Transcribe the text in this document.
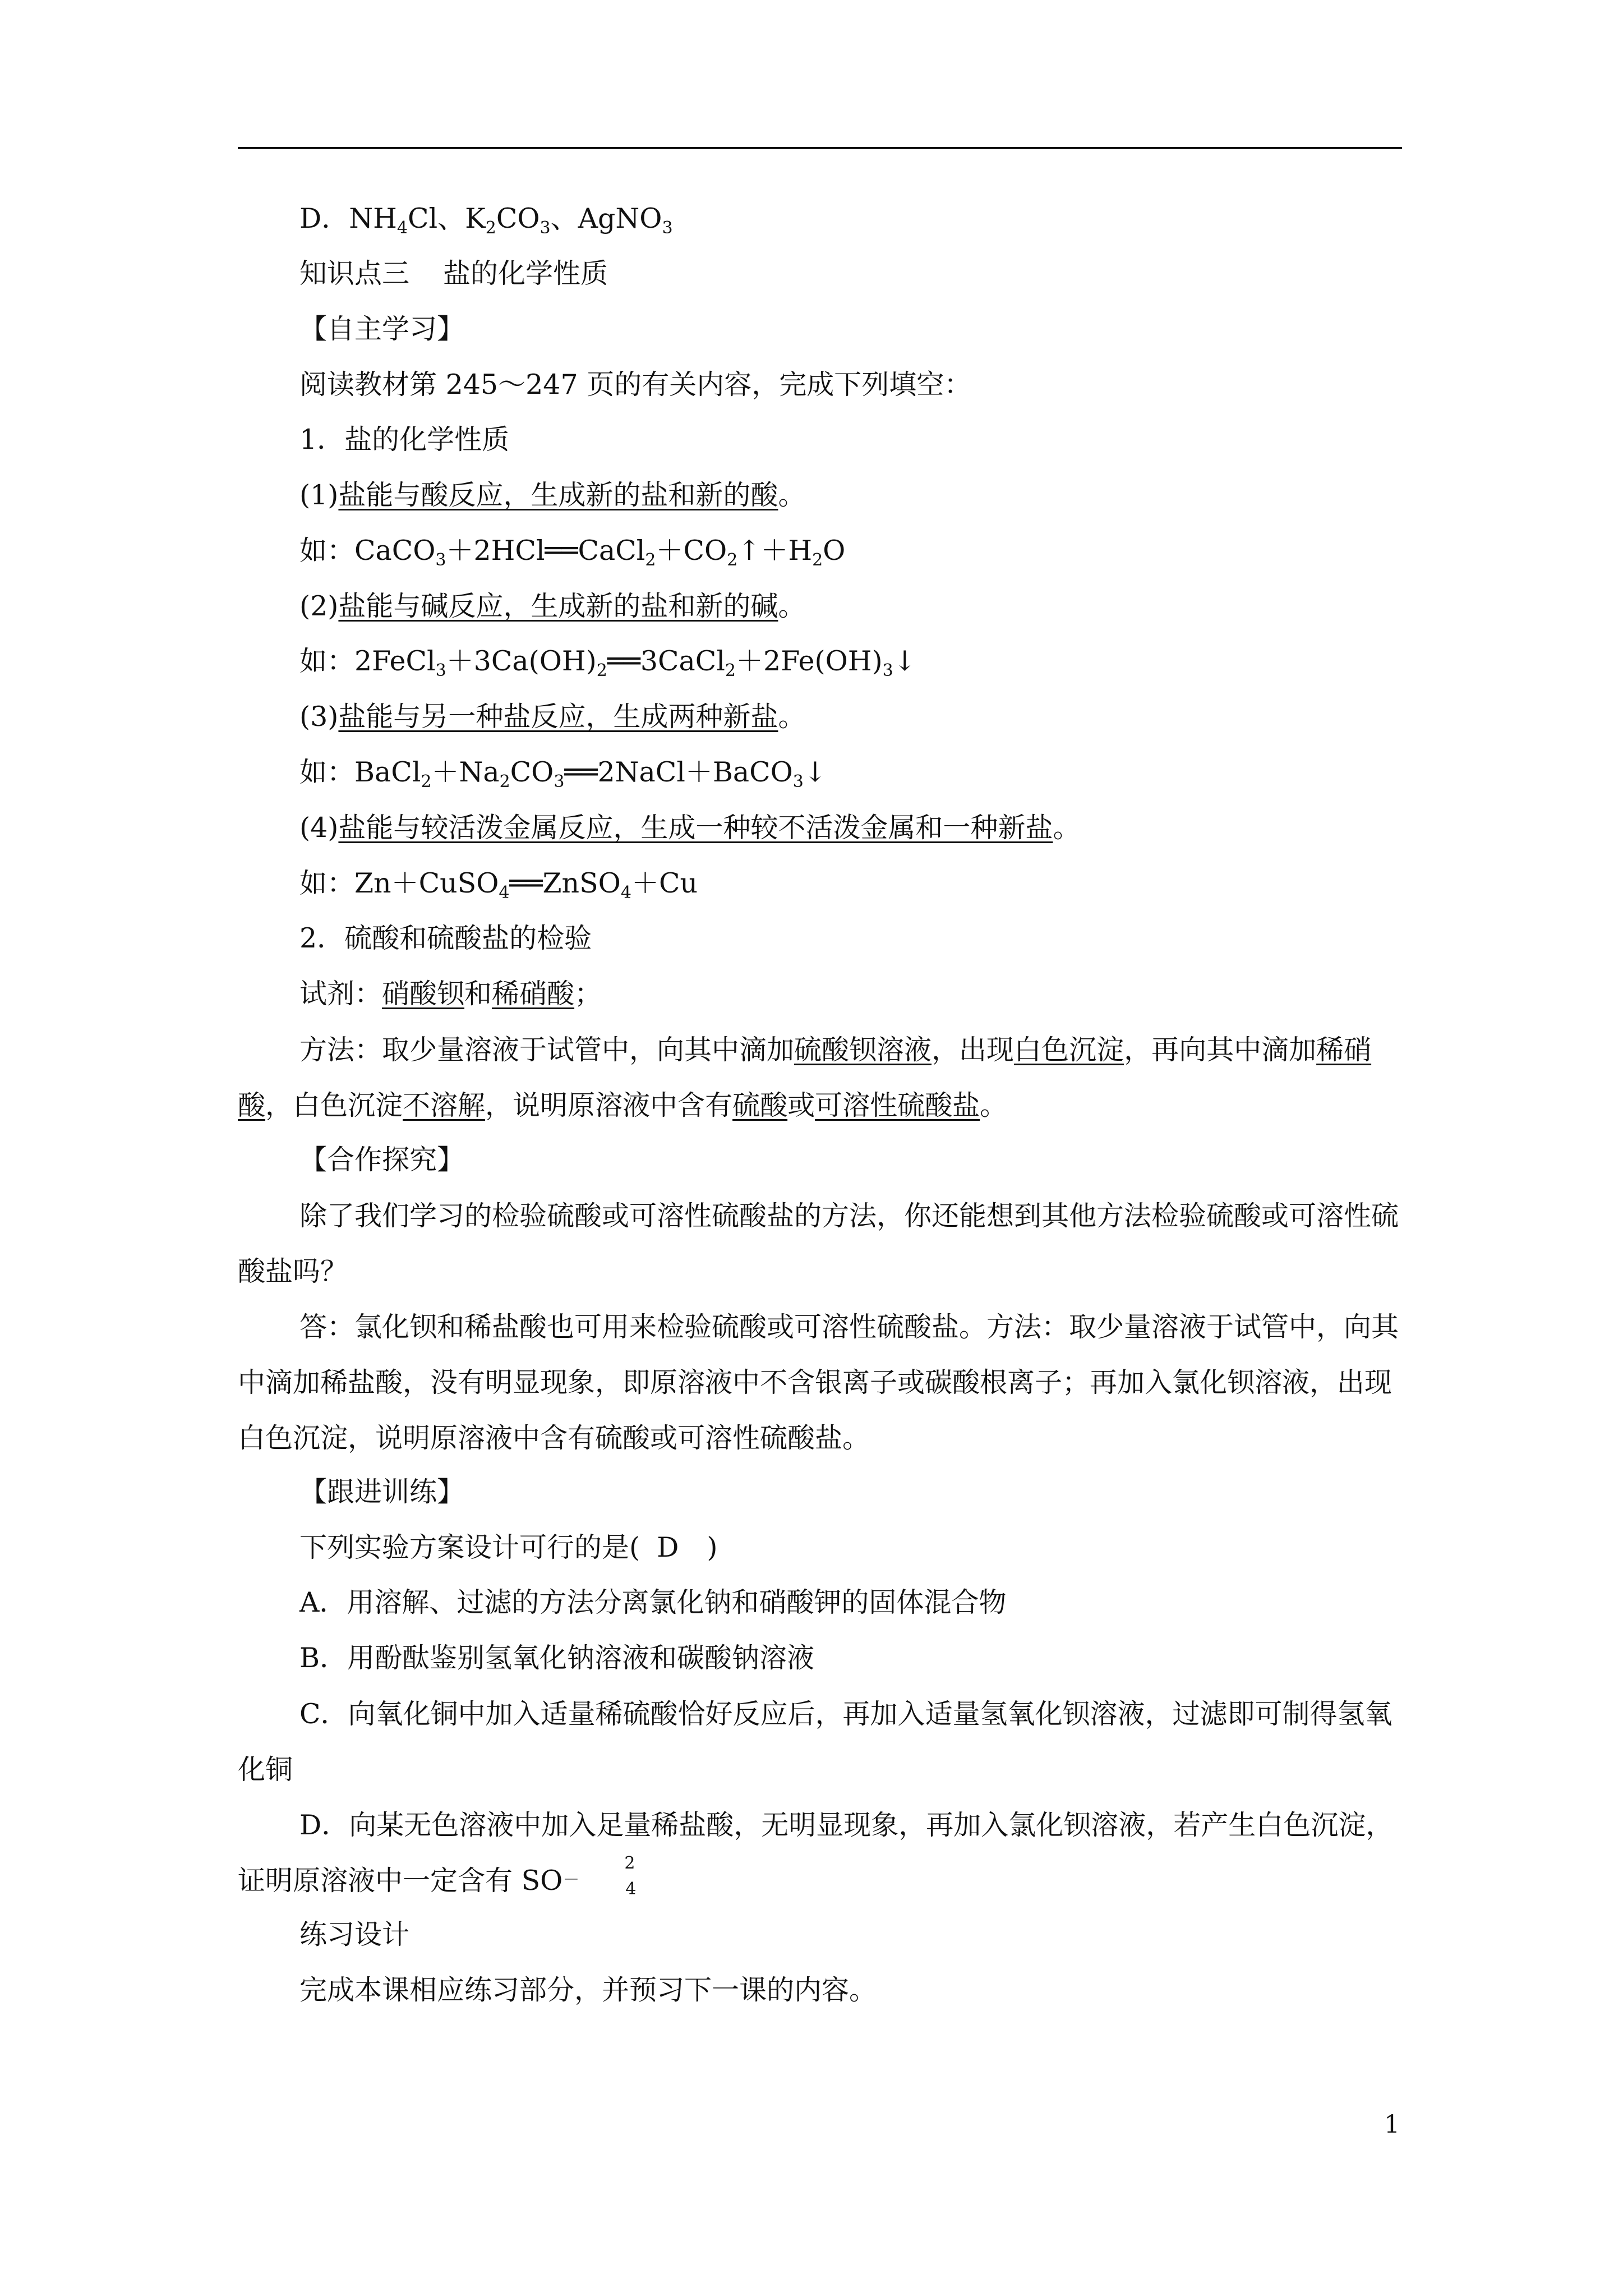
D．$NH_4Cl$、$K_2CO_3$、AgNO$_3$
知识点三 盐的化学性质
【自主学习】
阅读教材第 245～247 页的有关内容，完成下列填空：
1．盐的化学性质
(1)盐能与酸反应，生成新的盐和新的酸。
如：$CaCO_3+2HCl══CaCl_2+CO_2↑+H_2O$
(2)盐能与碱反应，生成新的盐和新的碱。
如：$2FeCl_3+3Ca(OH)_2══3CaCl_2+2Fe(OH)_3↓$
(3)盐能与另一种盐反应，生成两种新盐。
如：$BaCl_2+Na_2CO_3══2NaCl+BaCO_3↓$
(4)盐能与较活泼金属反应，生成一种较不活泼金属和一种新盐。
如：Zn＋CuSO$_4$══ZnSO$_4$＋Cu
2．硫酸和硫酸盐的检验
试剂：硝酸钡和稀硝酸；
方法：取少量溶液于试管中，向其中滴加硫酸钡溶液，出现白色沉淀，再向其中滴加稀硝酸，白色沉淀不溶解，说明原溶液中含有硫酸或可溶性硫酸盐。
【合作探究】
除了我们学习的检验硫酸或可溶性硫酸盐的方法，你还能想到其他方法检验硫酸或可溶性硫酸盐吗？
答：氯化钡和稀盐酸也可用来检验硫酸或可溶性硫酸盐。方法：取少量溶液于试管中，向其中滴加稀盐酸，没有明显现象，即原溶液中不含银离子或碳酸根离子；再加入氯化钡溶液，出现白色沉淀，说明原溶液中含有硫酸或可溶性硫酸盐。
【跟进训练】
下列实验方案设计可行的是( D )
A．用溶解、过滤的方法分离氯化钠和硝酸钾的固体混合物
B．用酚酞鉴别氢氧化钠溶液和碳酸钠溶液
C．向氧化铜中加入适量稀硫酸恰好反应后，再加入适量氢氧化钡溶液，过滤即可制得氢氧化铜
D．向某无色溶液中加入足量稀盐酸，无明显现象，再加入氯化钡溶液，若产生白色沉淀，证明原溶液中一定含有 SO
2－	4
练习设计
完成本课相应练习部分，并预习下一课的内容。
1
